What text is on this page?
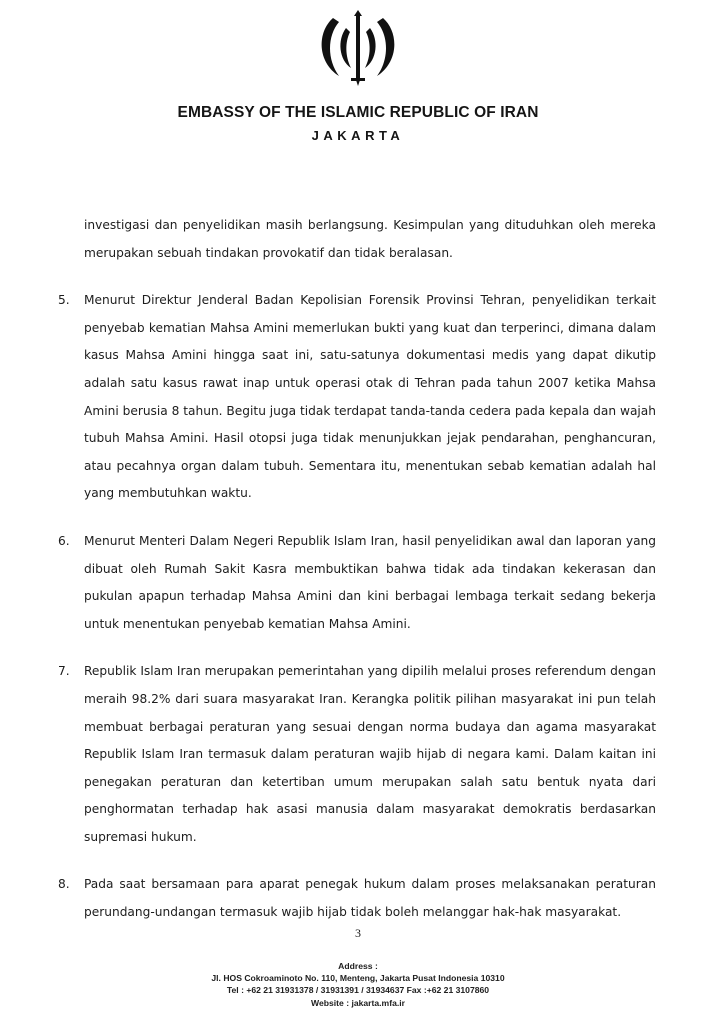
EMBASSY OF THE ISLAMIC REPUBLIC OF IRAN
JAKARTA

investigasi dan penyelidikan masih berlangsung. Kesimpulan yang dituduhkan oleh mereka merupakan sebuah tindakan provokatif dan tidak beralasan.

5.	Menurut Direktur Jenderal Badan Kepolisian Forensik Provinsi Tehran, penyelidikan terkait penyebab kematian Mahsa Amini memerlukan bukti yang kuat dan terperinci, dimana dalam kasus Mahsa Amini hingga saat ini, satu-satunya dokumentasi medis yang dapat dikutip adalah satu kasus rawat inap untuk operasi otak di Tehran pada tahun 2007 ketika Mahsa Amini berusia 8 tahun. Begitu juga tidak terdapat tanda-tanda cedera pada kepala dan wajah tubuh Mahsa Amini. Hasil otopsi juga tidak menunjukkan jejak pendarahan, penghancuran, atau pecahnya organ dalam tubuh. Sementara itu, menentukan sebab kematian adalah hal yang membutuhkan waktu.
6.	Menurut Menteri Dalam Negeri Republik Islam Iran, hasil penyelidikan awal dan laporan yang dibuat oleh Rumah Sakit Kasra membuktikan bahwa tidak ada tindakan kekerasan dan pukulan apapun terhadap Mahsa Amini dan kini berbagai lembaga terkait sedang bekerja untuk menentukan penyebab kematian Mahsa Amini.
7.	Republik Islam Iran merupakan pemerintahan yang dipilih melalui proses referendum dengan meraih 98.2% dari suara masyarakat Iran. Kerangka politik pilihan masyarakat ini pun telah membuat berbagai peraturan yang sesuai dengan norma budaya dan agama masyarakat Republik Islam Iran termasuk dalam peraturan wajib hijab di negara kami. Dalam kaitan ini penegakan peraturan dan ketertiban umum merupakan salah satu bentuk nyata dari penghormatan terhadap hak asasi manusia dalam masyarakat demokratis berdasarkan supremasi hukum.
8.	Pada saat bersamaan para aparat penegak hukum dalam proses melaksanakan peraturan perundang-undangan termasuk wajib hijab tidak boleh melanggar hak-hak masyarakat.
3
Address :
Jl. HOS Cokroaminoto No. 110, Menteng, Jakarta Pusat Indonesia 10310
Tel : +62 21 31931378 / 31931391 / 31934637 Fax :+62 21 3107860
Website : jakarta.mfa.ir
